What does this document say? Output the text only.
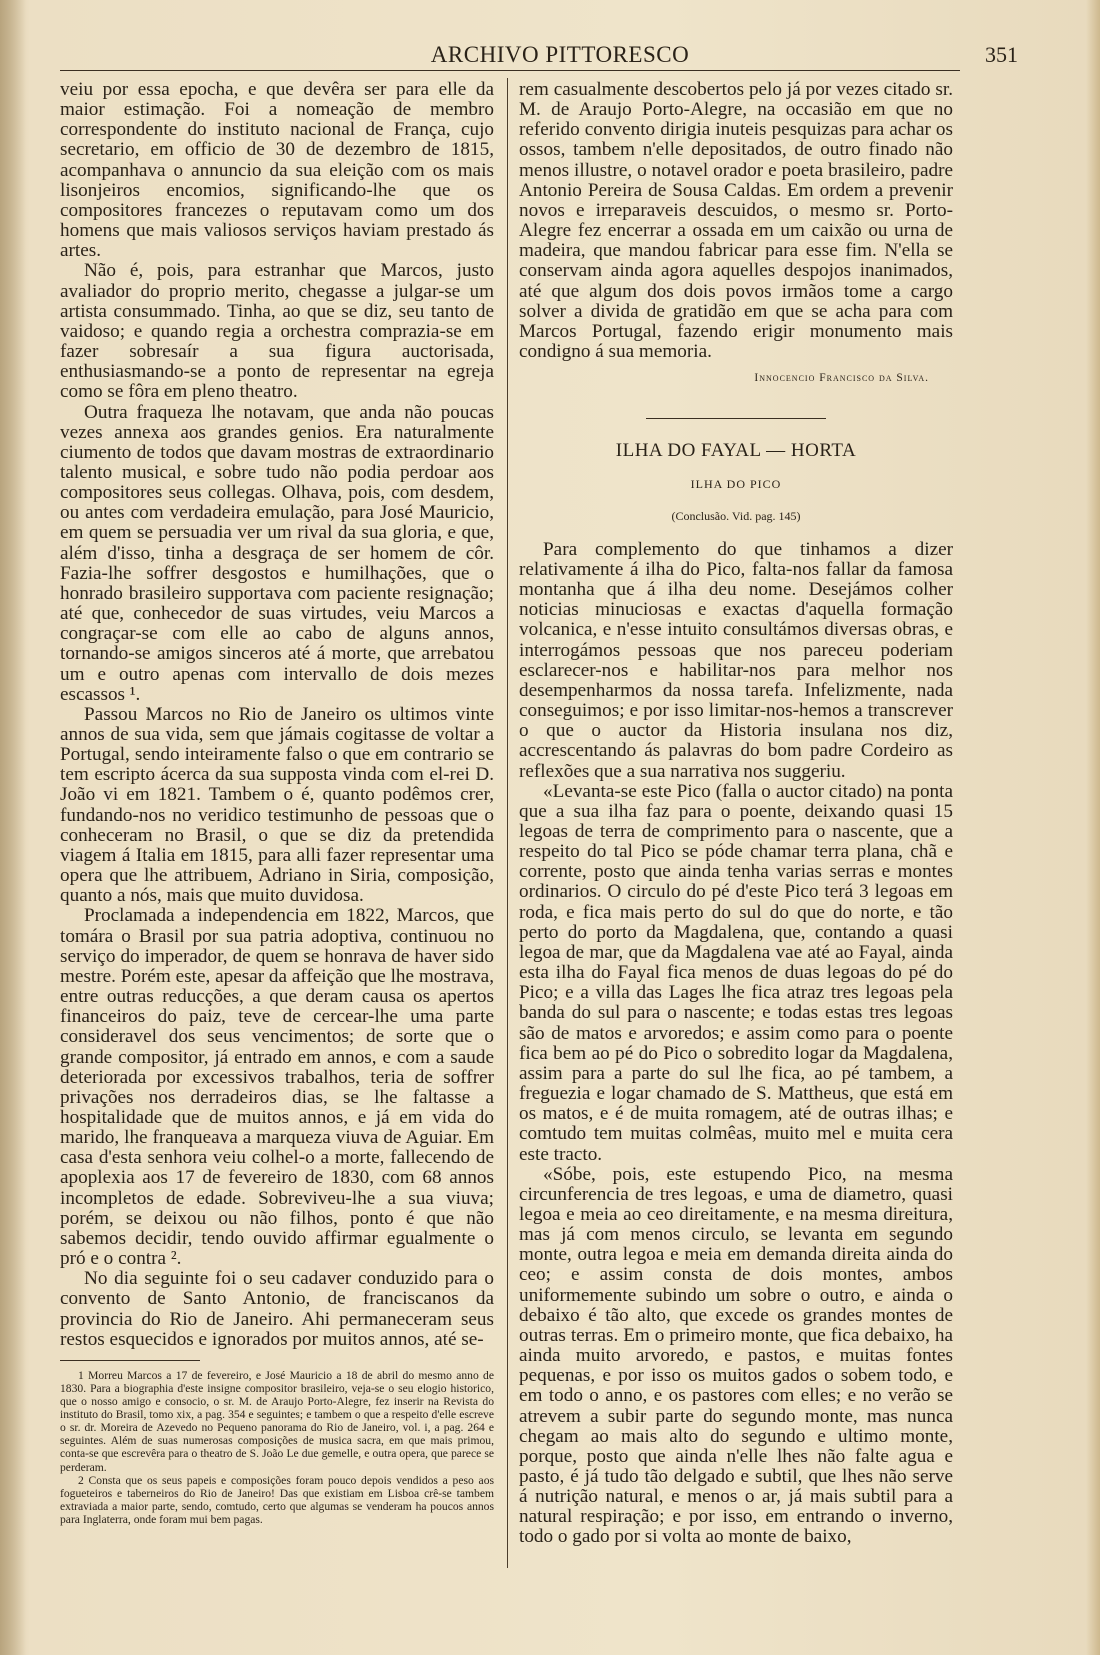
ARCHIVO PITTORESCO	351

veiu por essa epocha, e que devêra ser para elle da maior estimação. Foi a nomeação de membro correspondente do instituto nacional de França, cujo secretario, em officio de 30 de dezembro de 1815, acompanhava o annuncio da sua eleição com os mais lisonjeiros encomios, significando-lhe que os compositores francezes o reputavam como um dos homens que mais valiosos serviços haviam prestado ás artes.

Não é, pois, para estranhar que Marcos, justo avaliador do proprio merito, chegasse a julgar-se um artista consummado. Tinha, ao que se diz, seu tanto de vaidoso; e quando regia a orchestra comprazia-se em fazer sobresaír a sua figura auctorisada, enthusiasmando-se a ponto de representar na egreja como se fôra em pleno theatro.

Outra fraqueza lhe notavam, que anda não poucas vezes annexa aos grandes genios. Era naturalmente ciumento de todos que davam mostras de extraordinario talento musical, e sobre tudo não podia perdoar aos compositores seus collegas. Olhava, pois, com desdem, ou antes com verdadeira emulação, para José Mauricio, em quem se persuadia ver um rival da sua gloria, e que, além d'isso, tinha a desgraça de ser homem de côr. Fazia-lhe soffrer desgostos e humilhações, que o honrado brasileiro supportava com paciente resignação; até que, conhecedor de suas virtudes, veiu Marcos a congraçar-se com elle ao cabo de alguns annos, tornando-se amigos sinceros até á morte, que arrebatou um e outro apenas com intervallo de dois mezes escassos ¹.

Passou Marcos no Rio de Janeiro os ultimos vinte annos de sua vida, sem que jámais cogitasse de voltar a Portugal, sendo inteiramente falso o que em contrario se tem escripto ácerca da sua supposta vinda com el-rei D. João vi em 1821. Tambem o é, quanto podêmos crer, fundando-nos no veridico testimunho de pessoas que o conheceram no Brasil, o que se diz da pretendida viagem á Italia em 1815, para alli fazer representar uma opera que lhe attribuem, Adriano in Siria, composição, quanto a nós, mais que muito duvidosa.

Proclamada a independencia em 1822, Marcos, que tomára o Brasil por sua patria adoptiva, continuou no serviço do imperador, de quem se honrava de haver sido mestre. Porém este, apesar da affeição que lhe mostrava, entre outras reducções, a que deram causa os apertos financeiros do paiz, teve de cercear-lhe uma parte consideravel dos seus vencimentos; de sorte que o grande compositor, já entrado em annos, e com a saude deteriorada por excessivos trabalhos, teria de soffrer privações nos derradeiros dias, se lhe faltasse a hospitalidade que de muitos annos, e já em vida do marido, lhe franqueava a marqueza viuva de Aguiar. Em casa d'esta senhora veiu colhel-o a morte, fallecendo de apoplexia aos 17 de fevereiro de 1830, com 68 annos incompletos de edade. Sobreviveu-lhe a sua viuva; porém, se deixou ou não filhos, ponto é que não sabemos decidir, tendo ouvido affirmar egualmente o pró e o contra ².

No dia seguinte foi o seu cadaver conduzido para o convento de Santo Antonio, de franciscanos da provincia do Rio de Janeiro. Ahi permaneceram seus restos esquecidos e ignorados por muitos annos, até se-

1 Morreu Marcos a 17 de fevereiro, e José Mauricio a 18 de abril do mesmo anno de 1830. Para a biographia d'este insigne compositor brasileiro, veja-se o seu elogio historico, que o nosso amigo e consocio, o sr. M. de Araujo Porto-Alegre, fez inserir na Revista do instituto do Brasil, tomo xix, a pag. 354 e seguintes; e tambem o que a respeito d'elle escreve o sr. dr. Moreira de Azevedo no Pequeno panorama do Rio de Janeiro, vol. i, a pag. 264 e seguintes. Além de suas numerosas composições de musica sacra, em que mais primou, conta-se que escrevêra para o theatro de S. João Le due gemelle, e outra opera, que parece se perderam.

2 Consta que os seus papeis e composições foram pouco depois vendidos a peso aos fogueteiros e taberneiros do Rio de Janeiro! Das que existiam em Lisboa crê-se tambem extraviada a maior parte, sendo, comtudo, certo que algumas se venderam ha poucos annos para Inglaterra, onde foram mui bem pagas.

rem casualmente descobertos pelo já por vezes citado sr. M. de Araujo Porto-Alegre, na occasião em que no referido convento dirigia inuteis pesquizas para achar os ossos, tambem n'elle depositados, de outro finado não menos illustre, o notavel orador e poeta brasileiro, padre Antonio Pereira de Sousa Caldas. Em ordem a prevenir novos e irreparaveis descuidos, o mesmo sr. Porto-Alegre fez encerrar a ossada em um caixão ou urna de madeira, que mandou fabricar para esse fim. N'ella se conservam ainda agora aquelles despojos inanimados, até que algum dos dois povos irmãos tome a cargo solver a divida de gratidão em que se acha para com Marcos Portugal, fazendo erigir monumento mais condigno á sua memoria.

Innocencio Francisco da Silva.

ILHA DO FAYAL — HORTA

ILHA DO PICO

(Conclusão. Vid. pag. 145)

Para complemento do que tinhamos a dizer relativamente á ilha do Pico, falta-nos fallar da famosa montanha que á ilha deu nome. Desejámos colher noticias minuciosas e exactas d'aquella formação volcanica, e n'esse intuito consultámos diversas obras, e interrogámos pessoas que nos pareceu poderiam esclarecer-nos e habilitar-nos para melhor nos desempenharmos da nossa tarefa. Infelizmente, nada conseguimos; e por isso limitar-nos-hemos a transcrever o que o auctor da Historia insulana nos diz, accrescentando ás palavras do bom padre Cordeiro as reflexões que a sua narrativa nos suggeriu.

«Levanta-se este Pico (falla o auctor citado) na ponta que a sua ilha faz para o poente, deixando quasi 15 legoas de terra de comprimento para o nascente, que a respeito do tal Pico se póde chamar terra plana, chã e corrente, posto que ainda tenha varias serras e montes ordinarios. O circulo do pé d'este Pico terá 3 legoas em roda, e fica mais perto do sul do que do norte, e tão perto do porto da Magdalena, que, contando a quasi legoa de mar, que da Magdalena vae até ao Fayal, ainda esta ilha do Fayal fica menos de duas legoas do pé do Pico; e a villa das Lages lhe fica atraz tres legoas pela banda do sul para o nascente; e todas estas tres legoas são de matos e arvoredos; e assim como para o poente fica bem ao pé do Pico o sobredito logar da Magdalena, assim para a parte do sul lhe fica, ao pé tambem, a freguezia e logar chamado de S. Mattheus, que está em os matos, e é de muita romagem, até de outras ilhas; e comtudo tem muitas colmêas, muito mel e muita cera este tracto.

«Sóbe, pois, este estupendo Pico, na mesma circunferencia de tres legoas, e uma de diametro, quasi legoa e meia ao ceo direitamente, e na mesma direitura, mas já com menos circulo, se levanta em segundo monte, outra legoa e meia em demanda direita ainda do ceo; e assim consta de dois montes, ambos uniformemente subindo um sobre o outro, e ainda o debaixo é tão alto, que excede os grandes montes de outras terras. Em o primeiro monte, que fica debaixo, ha ainda muito arvoredo, e pastos, e muitas fontes pequenas, e por isso os muitos gados o sobem todo, e em todo o anno, e os pastores com elles; e no verão se atrevem a subir parte do segundo monte, mas nunca chegam ao mais alto do segundo e ultimo monte, porque, posto que ainda n'elle lhes não falte agua e pasto, é já tudo tão delgado e subtil, que lhes não serve á nutrição natural, e menos o ar, já mais subtil para a natural respiração; e por isso, em entrando o inverno, todo o gado por si volta ao monte de baixo,
